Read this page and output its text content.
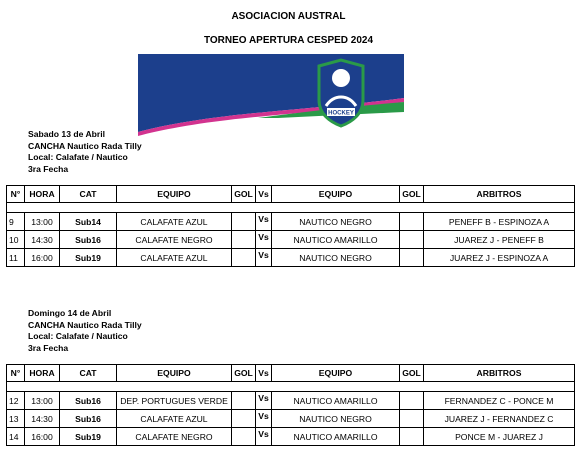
ASOCIACION AUSTRAL
TORNEO APERTURA CESPED 2024
HOCKEY
Sabado 13 de Abril
CANCHA Nautico Rada Tilly
Local: Calafate / Nautico
3ra Fecha
N°	HORA	CAT	EQUIPO	GOL	Vs	EQUIPO	GOL	ARBITROS

9	13:00	Sub14	CALAFATE AZUL		Vs	NAUTICO NEGRO		PENEFF B - ESPINOZA A
10	14:30	Sub16	CALAFATE NEGRO		Vs	NAUTICO AMARILLO		JUAREZ J - PENEFF B
11	16:00	Sub19	CALAFATE AZUL		Vs	NAUTICO NEGRO		JUAREZ J - ESPINOZA A
Domingo 14 de Abril
CANCHA Nautico Rada Tilly
Local: Calafate / Nautico
3ra Fecha
N°	HORA	CAT	EQUIPO	GOL	Vs	EQUIPO	GOL	ARBITROS

12	13:00	Sub16	DEP. PORTUGUES VERDE		Vs	NAUTICO AMARILLO		FERNANDEZ C - PONCE M
13	14:30	Sub16	CALAFATE AZUL		Vs	NAUTICO NEGRO		JUAREZ J - FERNANDEZ C
14	16:00	Sub19	CALAFATE NEGRO		Vs	NAUTICO AMARILLO		PONCE M - JUAREZ J
